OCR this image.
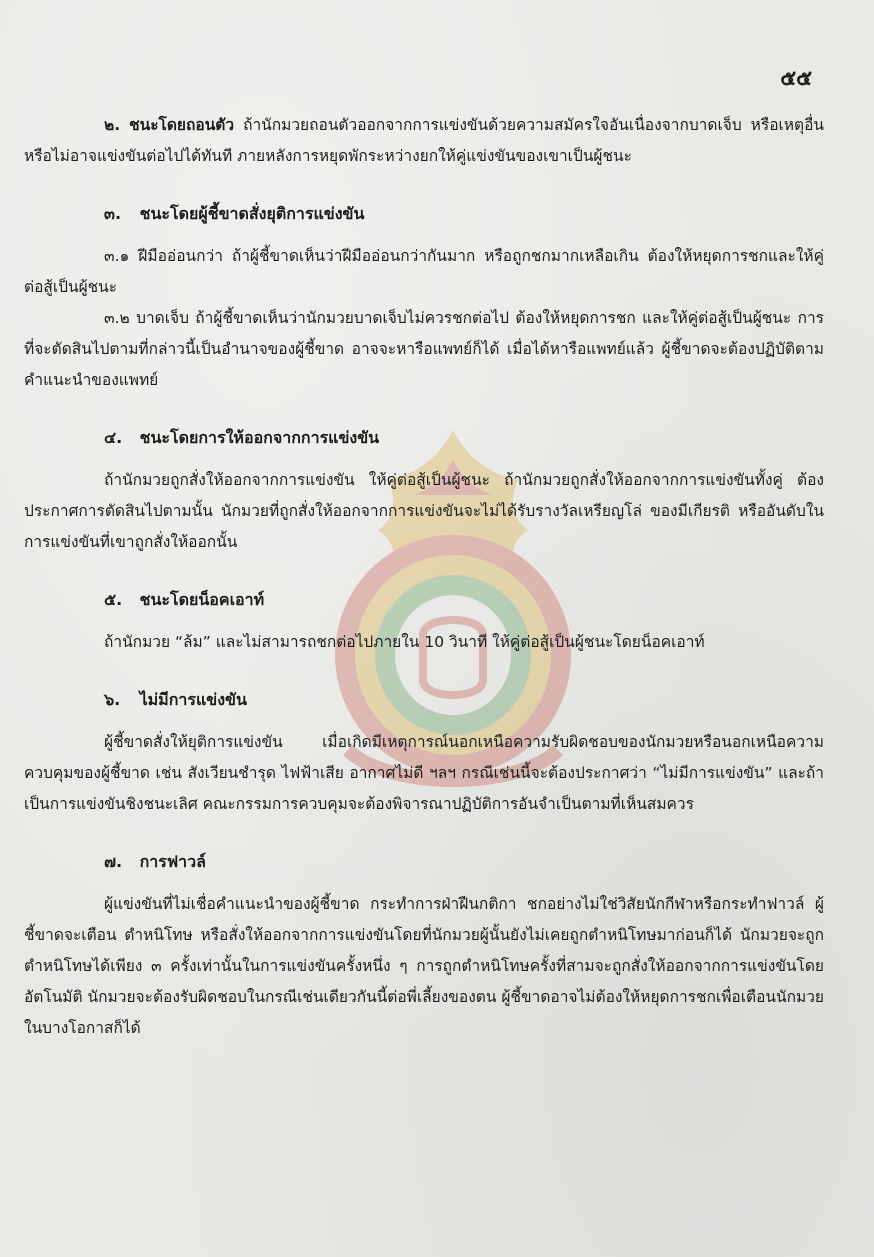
๕๕

๒. ชนะโดยถอนตัว ถ้านักมวยถอนตัวออกจากการแข่งขันด้วยความสมัครใจอันเนื่องจากบาดเจ็บ หรือเหตุอื่น หรือไม่อาจแข่งขันต่อไปได้ทันที ภายหลังการหยุดพักระหว่างยกให้คู่แข่งขันของเขาเป็นผู้ชนะ

๓. ชนะโดยผู้ชี้ขาดสั่งยุติการแข่งขัน

๓.๑ ฝีมืออ่อนกว่า ถ้าผู้ชี้ขาดเห็นว่าฝีมืออ่อนกว่ากันมาก หรือถูกชกมากเหลือเกิน ต้องให้หยุดการชกและให้คู่ต่อสู้เป็นผู้ชนะ

๓.๒ บาดเจ็บ ถ้าผู้ชี้ขาดเห็นว่านักมวยบาดเจ็บไม่ควรชกต่อไป ต้องให้หยุดการชก และให้คู่ต่อสู้เป็นผู้ชนะ การที่จะตัดสินไปตามที่กล่าวนี้เป็นอำนาจของผู้ชี้ขาด อาจจะหารือแพทย์ก็ได้ เมื่อได้หารือแพทย์แล้ว ผู้ชี้ขาดจะต้องปฏิบัติตามคำแนะนำของแพทย์

๔. ชนะโดยการให้ออกจากการแข่งขัน

ถ้านักมวยถูกสั่งให้ออกจากการแข่งขัน ให้คู่ต่อสู้เป็นผู้ชนะ ถ้านักมวยถูกสั่งให้ออกจากการแข่งขันทั้งคู่ ต้องประกาศการตัดสินไปตามนั้น นักมวยที่ถูกสั่งให้ออกจากการแข่งขันจะไม่ได้รับรางวัลเหรียญโล่ ของมีเกียรติ หรืออันดับในการแข่งขันที่เขาถูกสั่งให้ออกนั้น

๕. ชนะโดยน็อคเอาท์

ถ้านักมวย “ล้ม” และไม่สามารถชกต่อไปภายใน 10 วินาที ให้คู่ต่อสู้เป็นผู้ชนะโดยน็อคเอาท์

๖. ไม่มีการแข่งขัน

ผู้ชี้ขาดสั่งให้ยุติการแข่งขัน เมื่อเกิดมีเหตุการณ์นอกเหนือความรับผิดชอบของนักมวยหรือนอกเหนือความควบคุมของผู้ชี้ขาด เช่น สังเวียนชำรุด ไฟฟ้าเสีย อากาศไม่ดี ฯลฯ กรณีเช่นนี้จะต้องประกาศว่า “ไม่มีการแข่งขัน” และถ้าเป็นการแข่งขันชิงชนะเลิศ คณะกรรมการควบคุมจะต้องพิจารณาปฏิบัติการอันจำเป็นตามที่เห็นสมควร

๗. การฟาวล์

ผู้แข่งขันที่ไม่เชื่อคำแนะนำของผู้ชี้ขาด กระทำการฝ่าฝืนกติกา ชกอย่างไม่ใช่วิสัยนักกีฬาหรือกระทำฟาวล์ ผู้ชี้ขาดจะเตือน ตำหนิโทษ หรือสั่งให้ออกจากการแข่งขันโดยที่นักมวยผู้นั้นยังไม่เคยถูกตำหนิโทษมาก่อนก็ได้ นักมวยจะถูกตำหนิโทษได้เพียง ๓ ครั้งเท่านั้นในการแข่งขันครั้งหนึ่ง ๆ การถูกตำหนิโทษครั้งที่สามจะถูกสั่งให้ออกจากการแข่งขันโดยอัตโนมัติ นักมวยจะต้องรับผิดชอบในกรณีเช่นเดียวกันนี้ต่อพี่เลี้ยงของตน ผู้ชี้ขาดอาจไม่ต้องให้หยุดการชกเพื่อเตือนนักมวยในบางโอกาสก็ได้
